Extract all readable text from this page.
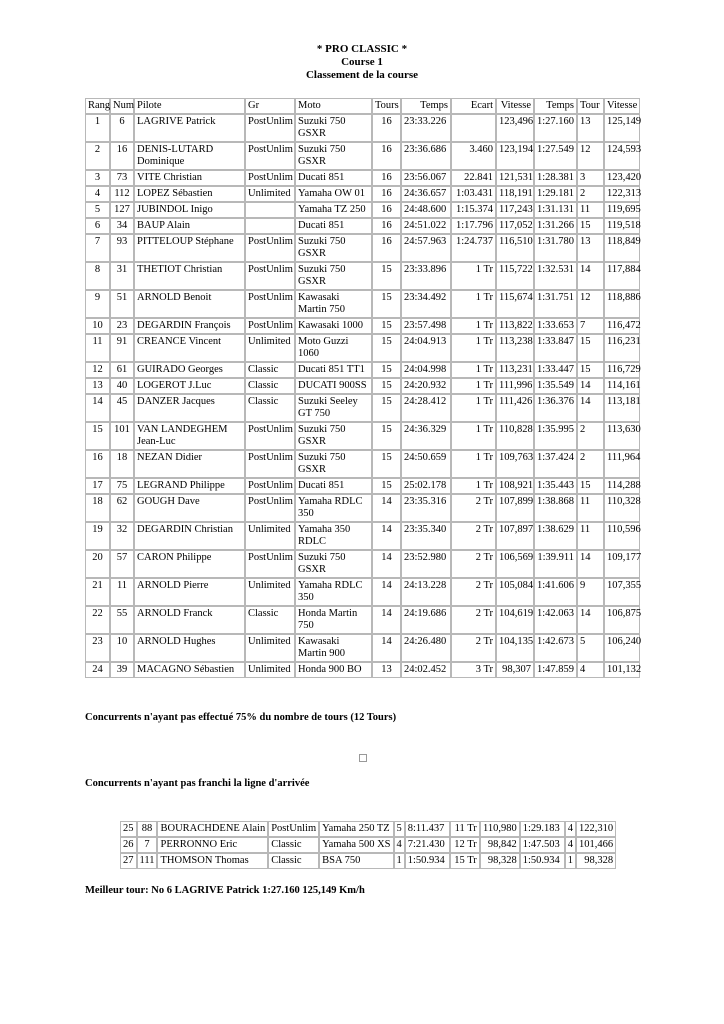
* PRO CLASSIC *
Course 1
Classement de la course
Rang	Num	Pilote	Gr	Moto	Tours	Temps	Ecart	Vitesse	Temps	Tour	Vitesse
1	6	LAGRIVE Patrick	PostUnlim	Suzuki 750 GSXR	16	23:33.226		123,496	1:27.160	13	125,149
2	16	DENIS-LUTARD Dominique	PostUnlim	Suzuki 750 GSXR	16	23:36.686	3.460	123,194	1:27.549	12	124,593
3	73	VITE Christian	PostUnlim	Ducati 851	16	23:56.067	22.841	121,531	1:28.381	3	123,420
4	112	LOPEZ Sébastien	Unlimited	Yamaha OW 01	16	24:36.657	1:03.431	118,191	1:29.181	2	122,313
5	127	JUBINDOL Inigo		Yamaha TZ 250	16	24:48.600	1:15.374	117,243	1:31.131	11	119,695
6	34	BAUP Alain		Ducati 851	16	24:51.022	1:17.796	117,052	1:31.266	15	119,518
7	93	PITTELOUP Stéphane	PostUnlim	Suzuki 750 GSXR	16	24:57.963	1:24.737	116,510	1:31.780	13	118,849
8	31	THETIOT Christian	PostUnlim	Suzuki 750 GSXR	15	23:33.896	1 Tr	115,722	1:32.531	14	117,884
9	51	ARNOLD Benoit	PostUnlim	Kawasaki Martin 750	15	23:34.492	1 Tr	115,674	1:31.751	12	118,886
10	23	DEGARDIN François	PostUnlim	Kawasaki 1000	15	23:57.498	1 Tr	113,822	1:33.653	7	116,472
11	91	CREANCE Vincent	Unlimited	Moto Guzzi 1060	15	24:04.913	1 Tr	113,238	1:33.847	15	116,231
12	61	GUIRADO Georges	Classic	Ducati 851 TT1	15	24:04.998	1 Tr	113,231	1:33.447	15	116,729
13	40	LOGEROT J.Luc	Classic	DUCATI 900SS	15	24:20.932	1 Tr	111,996	1:35.549	14	114,161
14	45	DANZER Jacques	Classic	Suzuki Seeley GT 750	15	24:28.412	1 Tr	111,426	1:36.376	14	113,181
15	101	VAN LANDEGHEM Jean-Luc	PostUnlim	Suzuki 750 GSXR	15	24:36.329	1 Tr	110,828	1:35.995	2	113,630
16	18	NEZAN Didier	PostUnlim	Suzuki 750 GSXR	15	24:50.659	1 Tr	109,763	1:37.424	2	111,964
17	75	LEGRAND Philippe	PostUnlim	Ducati 851	15	25:02.178	1 Tr	108,921	1:35.443	15	114,288
18	62	GOUGH Dave	PostUnlim	Yamaha RDLC 350	14	23:35.316	2 Tr	107,899	1:38.868	11	110,328
19	32	DEGARDIN Christian	Unlimited	Yamaha 350 RDLC	14	23:35.340	2 Tr	107,897	1:38.629	11	110,596
20	57	CARON Philippe	PostUnlim	Suzuki 750 GSXR	14	23:52.980	2 Tr	106,569	1:39.911	14	109,177
21	11	ARNOLD Pierre	Unlimited	Yamaha RDLC 350	14	24:13.228	2 Tr	105,084	1:41.606	9	107,355
22	55	ARNOLD Franck	Classic	Honda Martin 750	14	24:19.686	2 Tr	104,619	1:42.063	14	106,875
23	10	ARNOLD Hughes	Unlimited	Kawasaki Martin 900	14	24:26.480	2 Tr	104,135	1:42.673	5	106,240
24	39	MACAGNO Sébastien	Unlimited	Honda 900 BO	13	24:02.452	3 Tr	98,307	1:47.859	4	101,132
Concurrents n'ayant pas effectué 75% du nombre de tours (12 Tours)
Concurrents n'ayant pas franchi la ligne d'arrivée
25	88	BOURACHDENE Alain	PostUnlim	Yamaha 250 TZ	5	8:11.437	11 Tr	110,980	1:29.183	4	122,310
26	7	PERRONNO Eric	Classic	Yamaha 500 XS	4	7:21.430	12 Tr	98,842	1:47.503	4	101,466
27	111	THOMSON Thomas	Classic	BSA 750	1	1:50.934	15 Tr	98,328	1:50.934	1	98,328
Meilleur tour: No 6 LAGRIVE Patrick 1:27.160 125,149 Km/h
